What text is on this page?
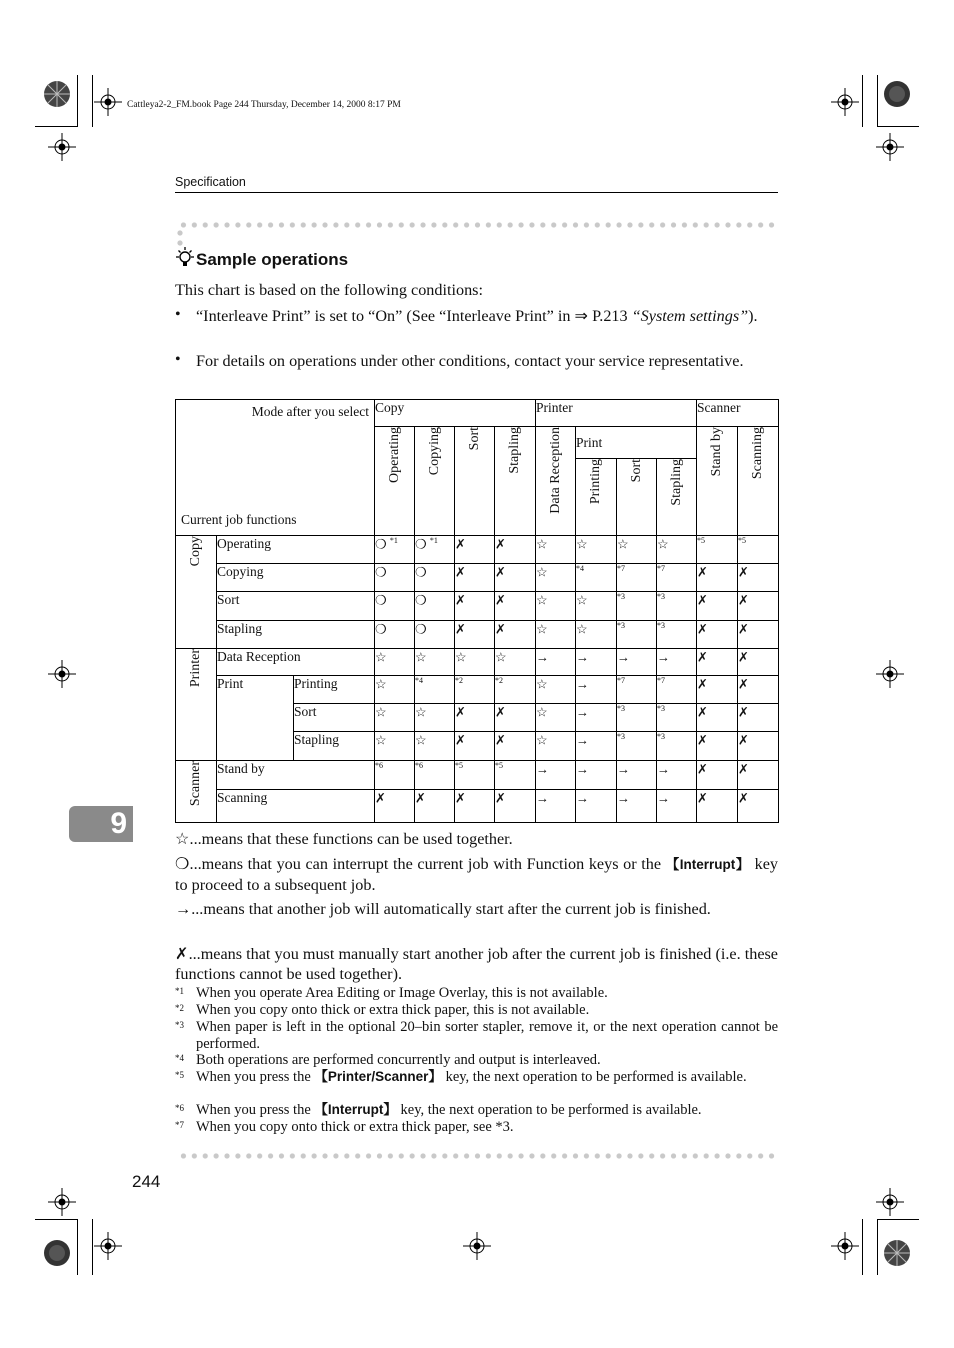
Cattleya2-2_FM.book Page 244 Thursday, December 14, 2000 8:17 PM
Specification
Sample operations
This chart is based on the following conditions:
• “Interleave Print” is set to “On” (See “Interleave Print” in ⇒ P.213 “System settings”).
• For details on operations under other conditions, contact your service representative.
Mode after you select
Current job functions			Copy				Printer				Scanner	

			Operating	Copying	Sort	Stapling	Data Reception	Print			Stand by	Scanning

								Printing	Sort	Stapling		

Copy	Operating		❍ $^{*1}$	❍ $^{*1}$	✗	✗	☆	☆	☆	☆	$^{*5}$	$^{*5}$
	Copying		❍	❍	✗	✗	☆	$^{*4}$	$^{*7}$	$^{*7}$	✗	✗
	Sort		❍	❍	✗	✗	☆	☆	$^{*3}$	$^{*3}$	✗	✗
	Stapling		❍	❍	✗	✗	☆	☆	$^{*3}$	$^{*3}$	✗	✗

Printer	Data Reception		☆	☆	☆	☆	→	→	→	→	✗	✗
	Print	Printing	☆	$^{*4}$	$^{*2}$	$^{*2}$	☆	→	$^{*7}$	$^{*7}$	✗	✗
		Sort	☆	☆	✗	✗	☆	→	$^{*3}$	$^{*3}$	✗	✗
		Stapling	☆	☆	✗	✗	☆	→	$^{*3}$	$^{*3}$	✗	✗

Scanner	Stand by		$^{*6}$	$^{*6}$	$^{*5}$	$^{*5}$	→	→	→	→	✗	✗
	Scanning		✗	✗	✗	✗	→	→	→	→	✗	✗
9	☆...means that these functions can be used together.
❍...means that you can interrupt the current job with Function keys or the 【Interrupt】 key to proceed to a subsequent job.
→...means that another job will automatically start after the current job is finished.
✗...means that you must manually start another job after the current job is finished (i.e. these functions cannot be used together).
*1 When you operate Area Editing or Image Overlay, this is not available.
*2 When you copy onto thick or extra thick paper, this is not available.
*3 When paper is left in the optional 20–bin sorter stapler, remove it, or the next operation cannot be performed.
*4 Both operations are performed concurrently and output is interleaved.
*5 When you press the 【Printer/Scanner】 key, the next operation to be performed is available.
*6 When you press the 【Interrupt】 key, the next operation to be performed is available.
*7 When you copy onto thick or extra thick paper, see *3.
244
